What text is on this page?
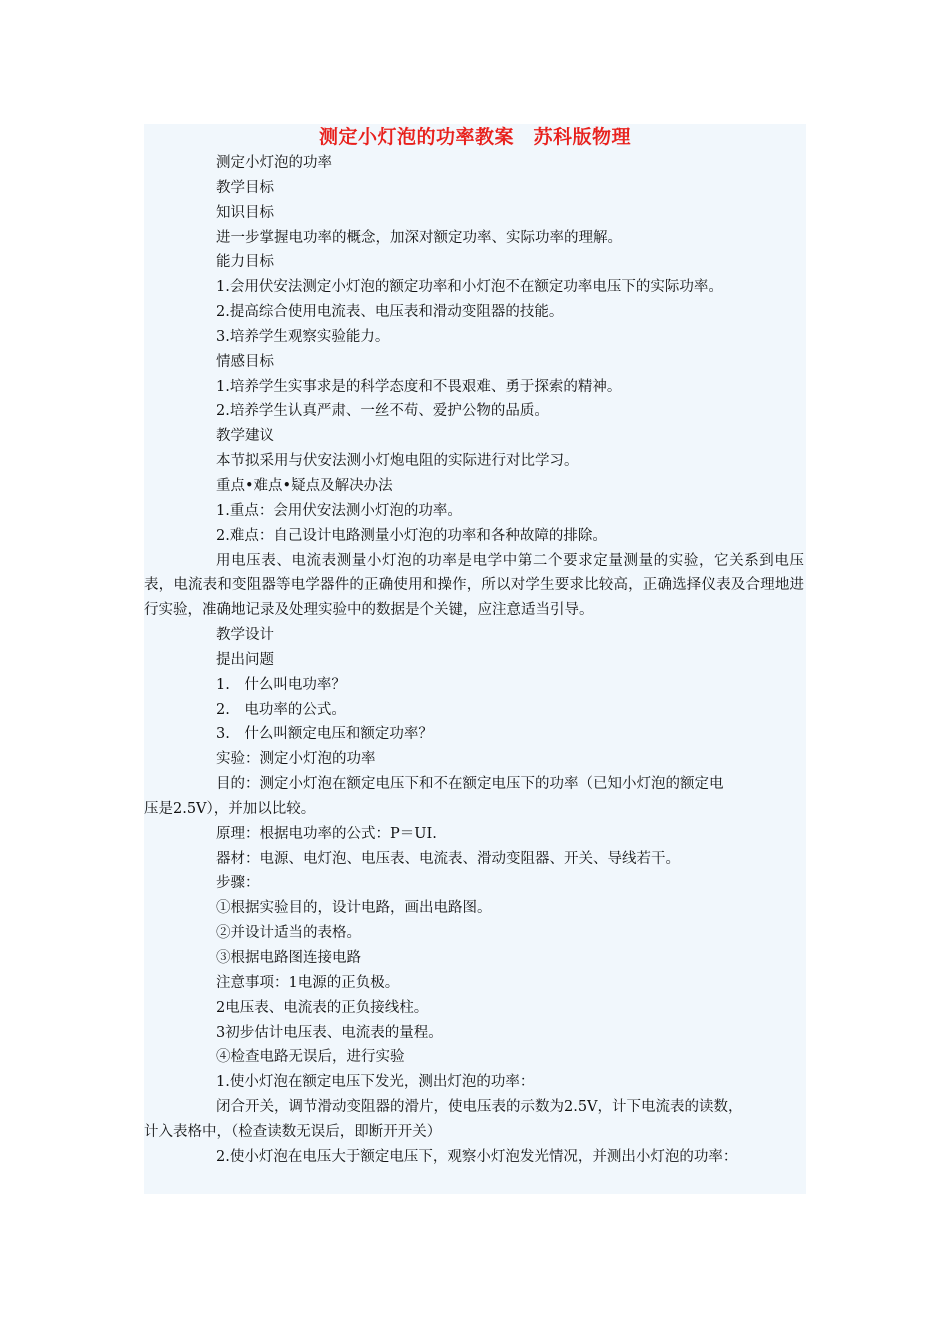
测定小灯泡的功率教案　苏科版物理
测定小灯泡的功率
教学目标
知识目标
进一步掌握电功率的概念，加深对额定功率、实际功率的理解。
能力目标
1.会用伏安法测定小灯泡的额定功率和小灯泡不在额定功率电压下的实际功率。
2.提高综合使用电流表、电压表和滑动变阻器的技能。
3.培养学生观察实验能力。
情感目标
1.培养学生实事求是的科学态度和不畏艰难、勇于探索的精神。
2.培养学生认真严肃、一丝不苟、爱护公物的品质。
教学建议
本节拟采用与伏安法测小灯炮电阻的实际进行对比学习。
重点•难点•疑点及解决办法
1.重点：会用伏安法测小灯泡的功率。
2.难点：自己设计电路测量小灯泡的功率和各种故障的排除。

用电压表、电流表测量小灯泡的功率是电学中第二个要求定量测量的实验，它关系到电压表，电流表和变阻器等电学器件的正确使用和操作，所以对学生要求比较高，正确选择仪表及合理地进行实验，准确地记录及处理实验中的数据是个关键，应注意适当引导。

教学设计
提出问题
1.　什么叫电功率？
2.　电功率的公式。
3.　什么叫额定电压和额定功率？
实验：测定小灯泡的功率
目的：测定小灯泡在额定电压下和不在额定电压下的功率（已知小灯泡的额定电
压是2.5V），并加以比较。
原理：根据电功率的公式：P＝UI.
器材：电源、电灯泡、电压表、电流表、滑动变阻器、开关、导线若干。
步骤：
①根据实验目的，设计电路，画出电路图。
②并设计适当的表格。
③根据电路图连接电路
注意事项：1电源的正负极。
2电压表、电流表的正负接线柱。
3初步估计电压表、电流表的量程。
④检查电路无误后，进行实验
1.使小灯泡在额定电压下发光，测出灯泡的功率：
闭合开关，调节滑动变阻器的滑片，使电压表的示数为2.5V，计下电流表的读数，
计入表格中，（检查读数无误后，即断开开关）
2.使小灯泡在电压大于额定电压下，观察小灯泡发光情况，并测出小灯泡的功率：
